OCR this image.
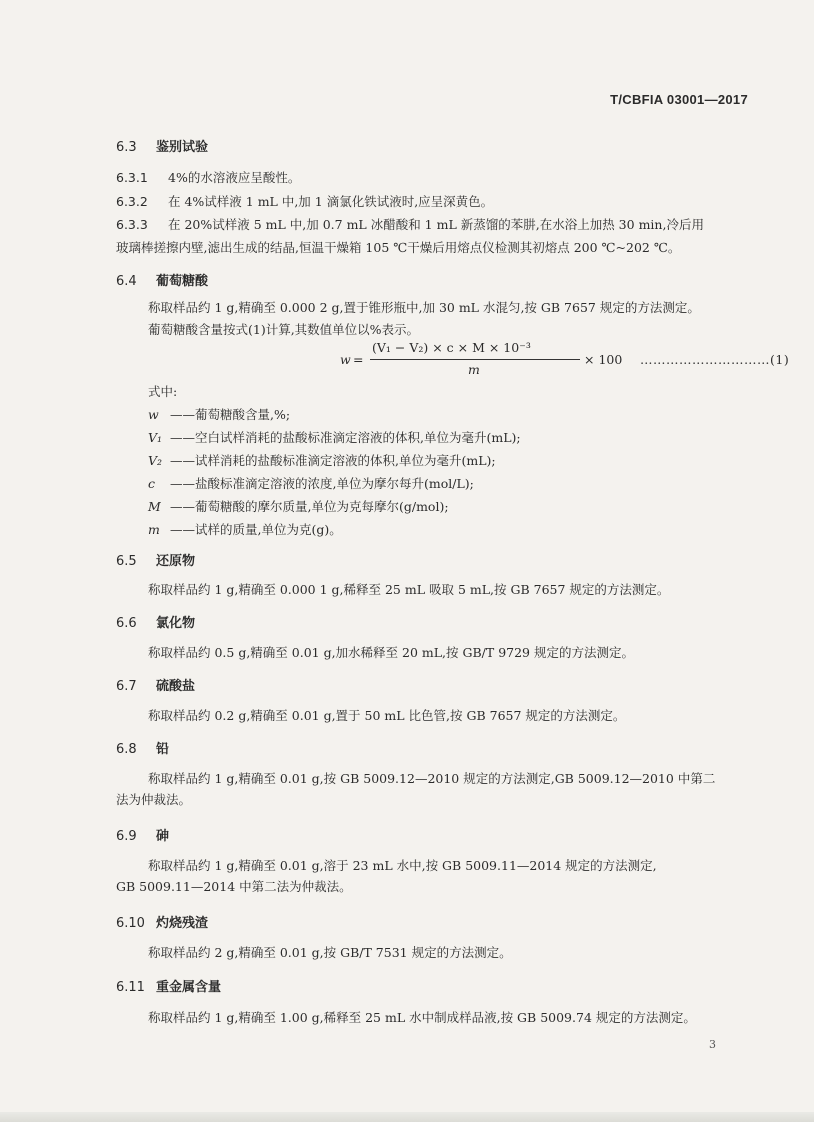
T/CBFIA 03001—2017
6.3 鉴别试验
6.3.1 4%的水溶液应呈酸性。
6.3.2 在 4%试样液 1 mL 中,加 1 滴氯化铁试液时,应呈深黄色。
6.3.3 在 20%试样液 5 mL 中,加 0.7 mL 冰醋酸和 1 mL 新蒸馏的苯肼,在水浴上加热 30 min,冷后用
玻璃棒搓擦内壁,滤出生成的结晶,恒温干燥箱 105 ℃干燥后用熔点仪检测其初熔点 200 ℃~202 ℃。
6.4 葡萄糖酸
称取样品约 1 g,精确至 0.000 2 g,置于锥形瓶中,加 30 mL 水混匀,按 GB 7657 规定的方法测定。
葡萄糖酸含量按式(1)计算,其数值单位以%表示。
w =
(V₁ − V₂) × c × M × 10⁻³
m
× 100 …………………………(1)
式中:
w ——葡萄糖酸含量,%;
V₁ ——空白试样消耗的盐酸标准滴定溶液的体积,单位为毫升(mL);
V₂ ——试样消耗的盐酸标准滴定溶液的体积,单位为毫升(mL);
c ——盐酸标准滴定溶液的浓度,单位为摩尔每升(mol/L);
M ——葡萄糖酸的摩尔质量,单位为克每摩尔(g/mol);
m ——试样的质量,单位为克(g)。
6.5 还原物
称取样品约 1 g,精确至 0.000 1 g,稀释至 25 mL 吸取 5 mL,按 GB 7657 规定的方法测定。
6.6 氯化物
称取样品约 0.5 g,精确至 0.01 g,加水稀释至 20 mL,按 GB/T 9729 规定的方法测定。
6.7 硫酸盐
称取样品约 0.2 g,精确至 0.01 g,置于 50 mL 比色管,按 GB 7657 规定的方法测定。
6.8 铅
称取样品约 1 g,精确至 0.01 g,按 GB 5009.12—2010 规定的方法测定,GB 5009.12—2010 中第二
法为仲裁法。
6.9 砷
称取样品约 1 g,精确至 0.01 g,溶于 23 mL 水中,按 GB 5009.11—2014 规定的方法测定,
GB 5009.11—2014 中第二法为仲裁法。
6.10 灼烧残渣
称取样品约 2 g,精确至 0.01 g,按 GB/T 7531 规定的方法测定。
6.11 重金属含量
称取样品约 1 g,精确至 1.00 g,稀释至 25 mL 水中制成样品液,按 GB 5009.74 规定的方法测定。
3
